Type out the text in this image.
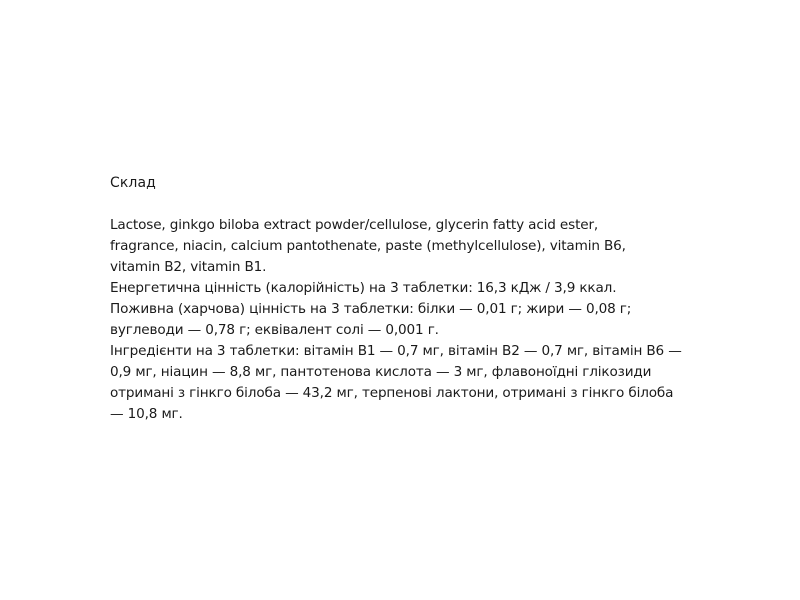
Склад

Lactose, ginkgo biloba extract powder/cellulose, glycerin fatty acid ester,

fragrance, niacin, calcium pantothenate, paste (methylcellulose), vitamin B6,

vitamin B2, vitamin B1.

Енергетична цінність (калорійність) на 3 таблетки: 16,3 кДж / 3,9 ккал.

Поживна (харчова) цінність на 3 таблетки: білки — 0,01 г; жири — 0,08 г;

вуглеводи — 0,78 г; еквівалент солі — 0,001 г.

Інгредієнти на 3 таблетки: вітамін B1 — 0,7 мг, вітамін B2 — 0,7 мг, вітамін B6 —

0,9 мг, ніацин — 8,8 мг, пантотенова кислота — 3 мг, флавоноїдні глікозиди

отримані з гінкго білоба — 43,2 мг, терпенові лактони, отримані з гінкго білоба

— 10,8 мг.
